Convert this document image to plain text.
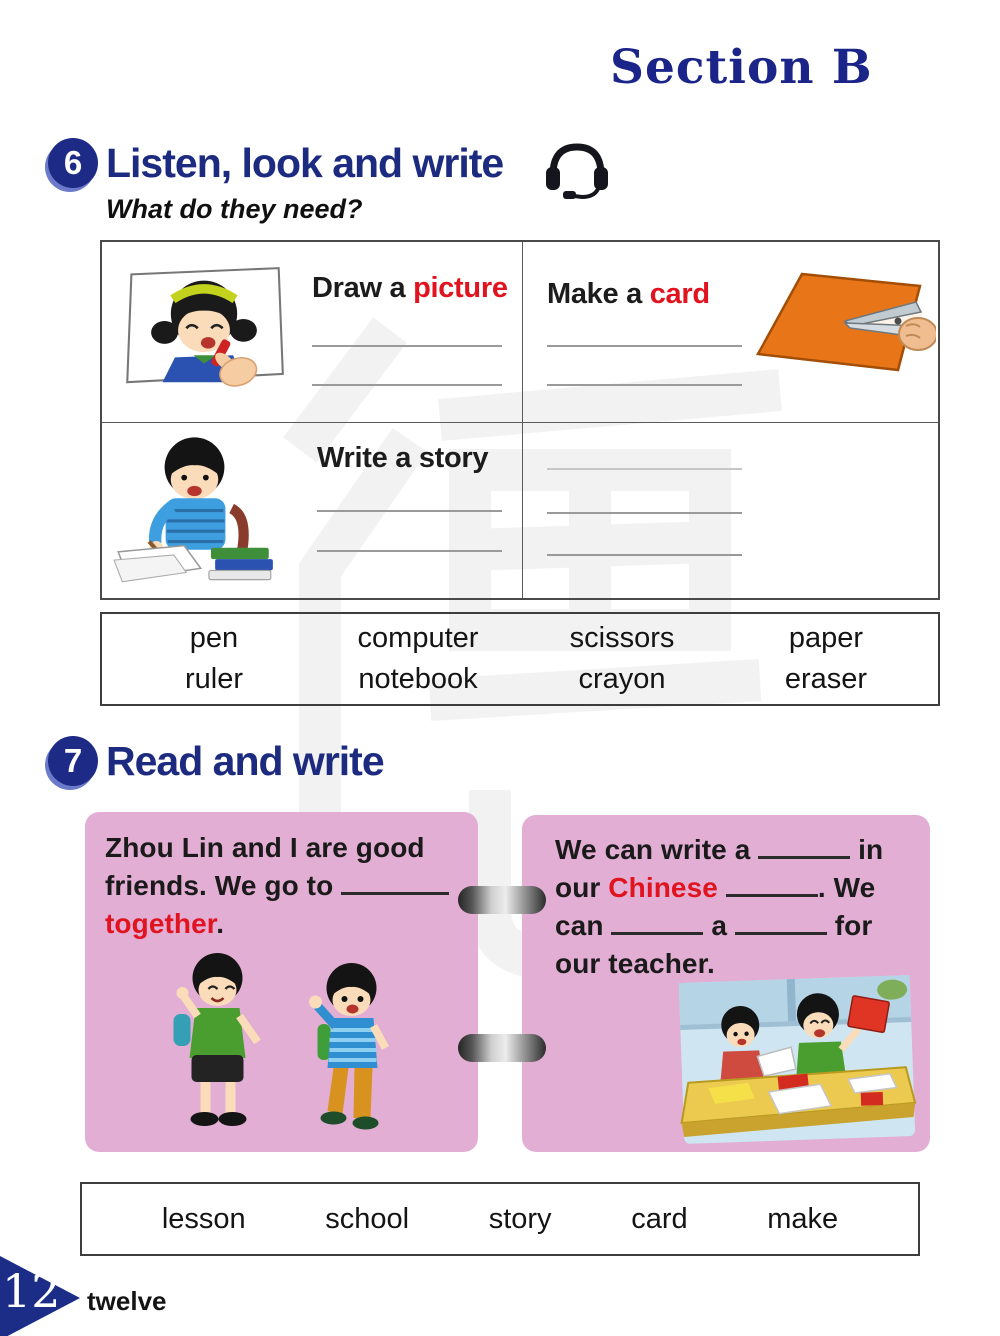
Section B
6 Listen, look and write
What do they need?
Draw a picture Make a card
Write a story
pen	computer	scissors	paper
ruler	notebook	crayon	eraser
7 Read and write
Zhou Lin and I are good friends. We go to  together.
We can write a	in our Chinese	. We can	a	for our teacher.
lesson	school	story	card	make
12 twelve
